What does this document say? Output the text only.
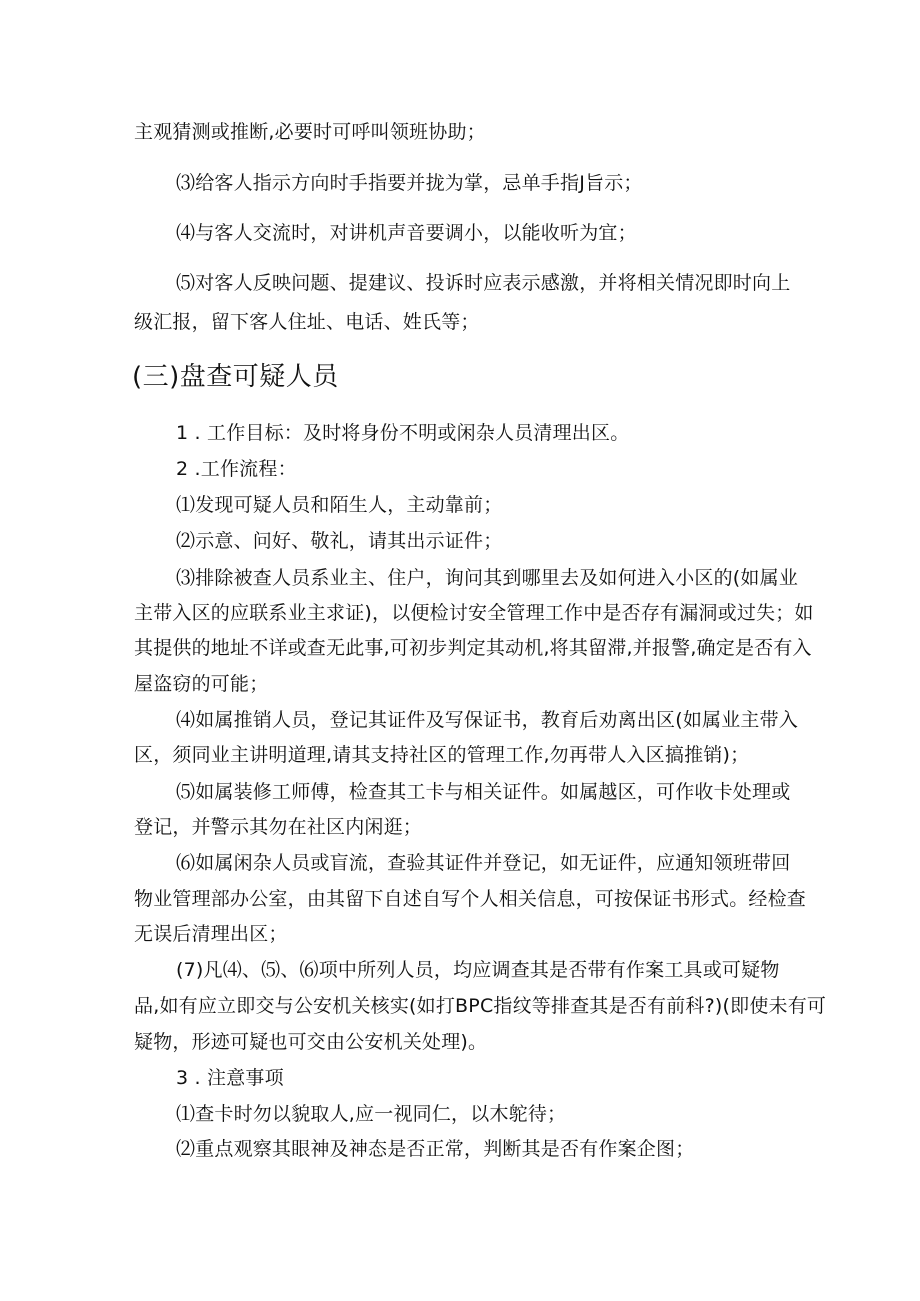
主观猜测或推断,必要时可呼叫领班协助；
⑶给客人指示方向时手指要并拢为掌，忌单手指J旨示；
⑷与客人交流时，对讲机声音要调小，以能收听为宜；
⑸对客人反映问题、提建议、投诉时应表示感激，并将相关情况即时向上
级汇报，留下客人住址、电话、姓氏等；
(三)盘查可疑人员
1 . 工作目标：及时将身份不明或闲杂人员清理出区。
2 .工作流程：
⑴发现可疑人员和陌生人，主动靠前；
⑵示意、问好、敬礼，请其出示证件；
⑶排除被查人员系业主、住户，询问其到哪里去及如何进入小区的(如属业
主带入区的应联系业主求证)，以便检讨安全管理工作中是否存有漏洞或过失；如
其提供的地址不详或查无此事,可初步判定其动机,将其留滞,并报警,确定是否有入
屋盗窃的可能；
⑷如属推销人员，登记其证件及写保证书，教育后劝离出区(如属业主带入
区，须同业主讲明道理,请其支持社区的管理工作,勿再带人入区搞推销)；
⑸如属装修工师傅，检查其工卡与相关证件。如属越区，可作收卡处理或
登记，并警示其勿在社区内闲逛；
⑹如属闲杂人员或盲流，查验其证件并登记，如无证件，应通知领班带回
物业管理部办公室，由其留下自述自写个人相关信息，可按保证书形式。经检查
无误后清理出区；
(7)凡⑷、⑸、⑹项中所列人员，均应调查其是否带有作案工具或可疑物
品,如有应立即交与公安机关核实(如打BPC指纹等排查其是否有前科?)(即使未有可
疑物，形迹可疑也可交由公安机关处理)。
3 . 注意事项
⑴查卡时勿以貌取人,应一视同仁，以木鸵待；
⑵重点观察其眼神及神态是否正常，判断其是否有作案企图；
